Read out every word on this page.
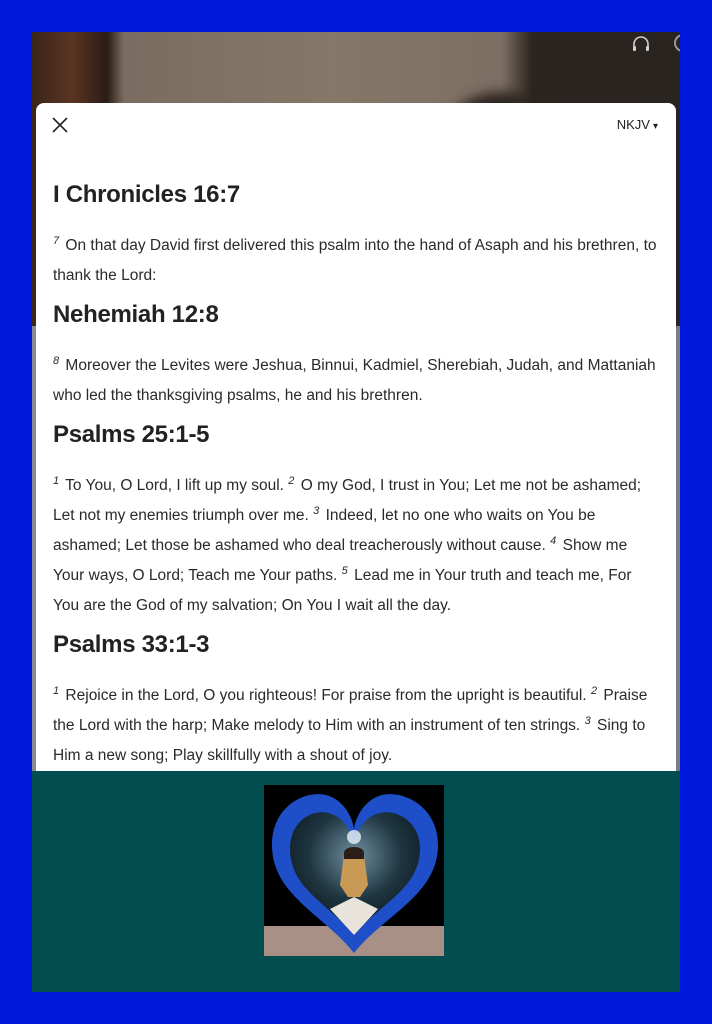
NKJV ▾
I Chronicles 16:7

$^7$ On that day David first delivered this psalm into the hand of Asaph and his brethren, to thank the Lord:

Nehemiah 12:8

$^8$ Moreover the Levites were Jeshua, Binnui, Kadmiel, Sherebiah, Judah, and Mattaniah who led the thanksgiving psalms, he and his brethren.

Psalms 25:1-5

$^1$ To You, O Lord, I lift up my soul. $^2$ O my God, I trust in You; Let me not be ashamed; Let not my enemies triumph over me. $^3$ Indeed, let no one who waits on You be ashamed; Let those be ashamed who deal treacherously without cause. $^4$ Show me Your ways, O Lord; Teach me Your paths. $^5$ Lead me in Your truth and teach me, For You are the God of my salvation; On You I wait all the day.

Psalms 33:1-3

$^1$ Rejoice in the Lord, O you righteous! For praise from the upright is beautiful. $^2$ Praise the Lord with the harp; Make melody to Him with an instrument of ten strings. $^3$ Sing to Him a new song; Play skillfully with a shout of joy.
